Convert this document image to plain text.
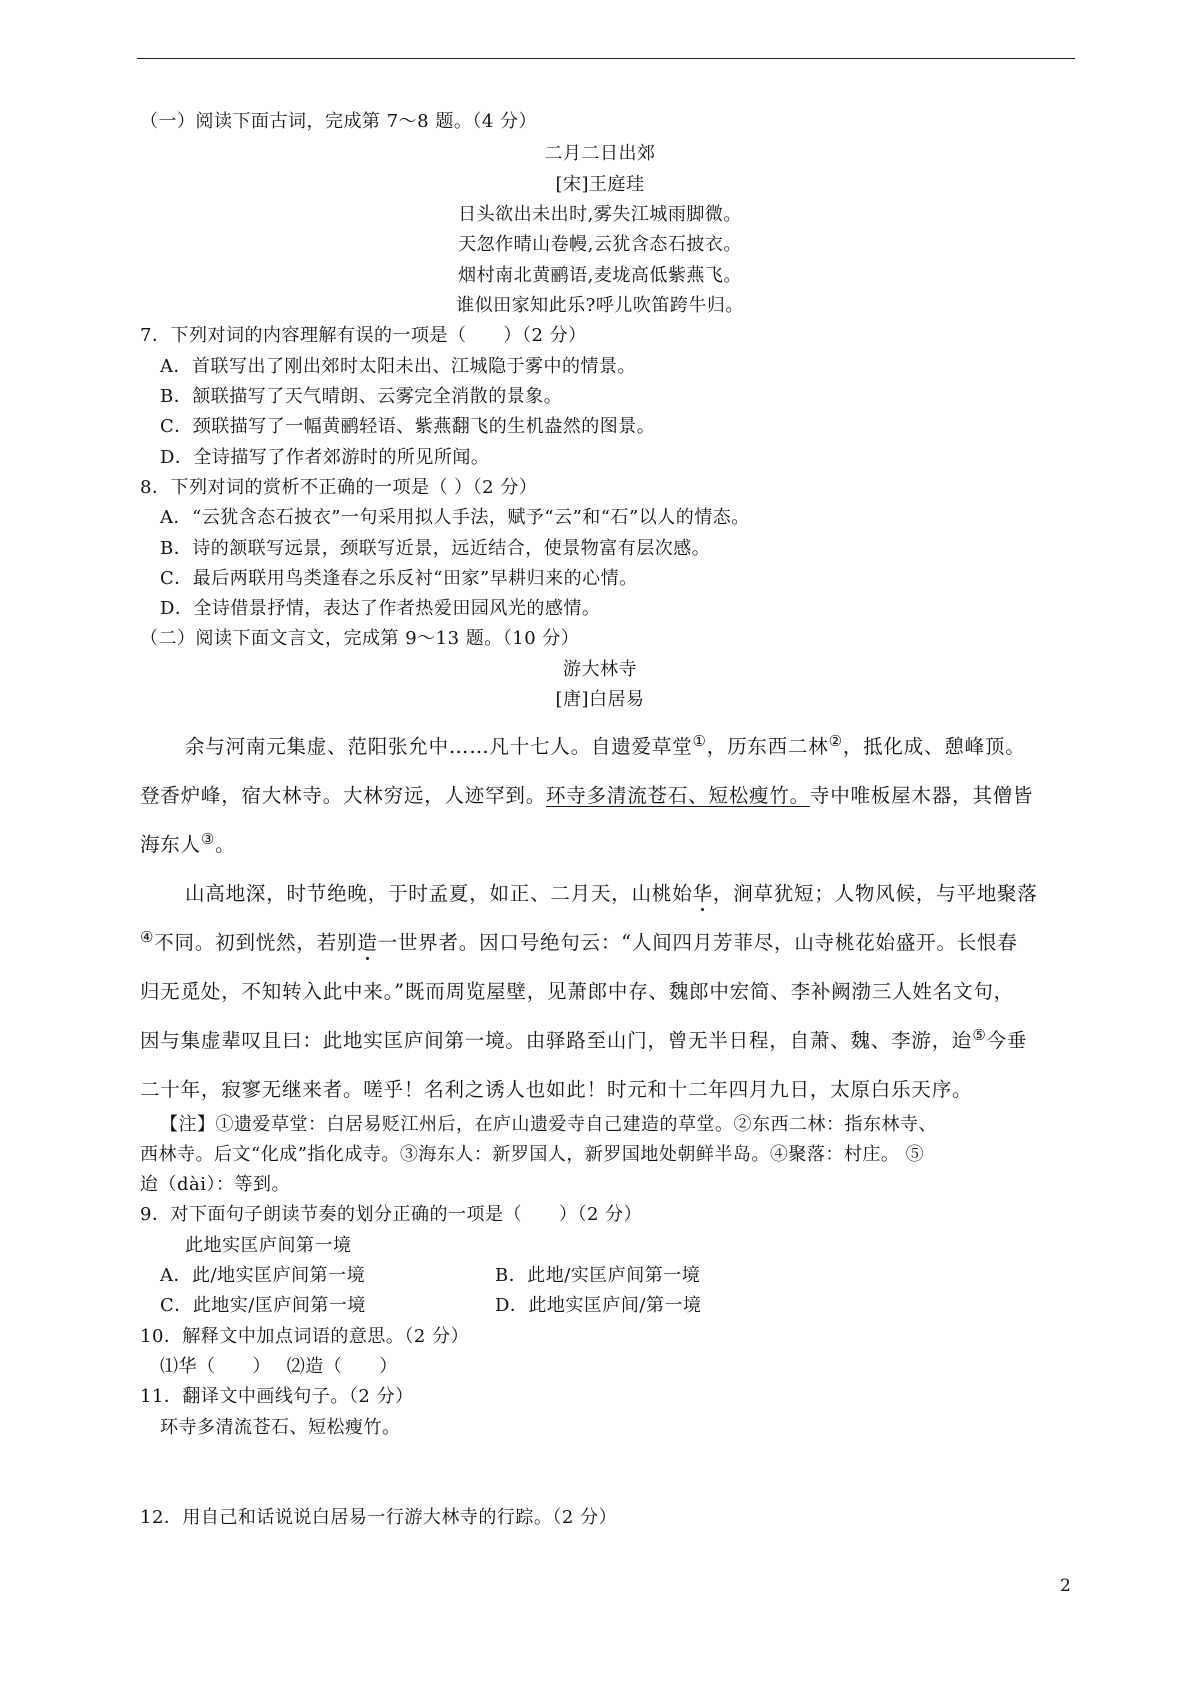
（一）阅读下面古词，完成第 7～8 题。（4 分）
二月二日出郊
[宋]王庭珪
日头欲出未出时,雾失江城雨脚微。
天忽作晴山卷幔,云犹含态石披衣。
烟村南北黄鹂语,麦垅高低紫燕飞。
谁似田家知此乐?呼儿吹笛跨牛归。
7．下列对词的内容理解有误的一项是（　　）（2 分）
A．首联写出了刚出郊时太阳未出、江城隐于雾中的情景。
B．颔联描写了天气晴朗、云雾完全消散的景象。
C．颈联描写了一幅黄鹂轻语、紫燕翻飞的生机盎然的图景。
D．全诗描写了作者郊游时的所见所闻。
8．下列对词的赏析不正确的一项是（ ）（2 分）
A．“云犹含态石披衣”一句采用拟人手法，赋予“云”和“石”以人的情态。
B．诗的颔联写远景，颈联写近景，远近结合，使景物富有层次感。
C．最后两联用鸟类逢春之乐反衬“田家”早耕归来的心情。
D．全诗借景抒情，表达了作者热爱田园风光的感情。
（二）阅读下面文言文，完成第 9～13 题。（10 分）
游大林寺
[唐]白居易
余与河南元集虚、范阳张允中……凡十七人。自遗爱草堂①，历东西二林②，抵化成、憩峰顶。
登香炉峰，宿大林寺。大林穷远，人迹罕到。环寺多清流苍石、短松瘦竹。寺中唯板屋木器，其僧皆
海东人③。
山高地深，时节绝晚，于时孟夏，如正、二月天，山桃始华，涧草犹短；人物风候，与平地聚落
④不同。初到恍然，若别造一世界者。因口号绝句云：“人间四月芳菲尽，山寺桃花始盛开。长恨春
归无觅处，不知转入此中来。”既而周览屋壁，见萧郎中存、魏郎中宏简、李补阙渤三人姓名文句，
因与集虚辈叹且曰：此地实匡庐间第一境。由驿路至山门，曾无半日程，自萧、魏、李游，迨⑤今垂
二十年，寂寥无继来者。嗟乎！名利之诱人也如此！时元和十二年四月九日，太原白乐天序。
【注】①遗爱草堂：白居易贬江州后，在庐山遗爱寺自己建造的草堂。②东西二林：指东林寺、
西林寺。后文“化成”指化成寺。③海东人：新罗国人，新罗国地处朝鲜半岛。④聚落：村庄。 ⑤
迨（dài）：等到。
9．对下面句子朗读节奏的划分正确的一项是（　　）（2 分）
此地实匡庐间第一境
A．此/地实匡庐间第一境	B．此地/实匡庐间第一境
C．此地实/匡庐间第一境	D．此地实匡庐间/第一境
10．解释文中加点词语的意思。（2 分）
⑴华（　　）　 ⑵造（　　）
11．翻译文中画线句子。（2 分）
环寺多清流苍石、短松瘦竹。
12．用自己和话说说白居易一行游大林寺的行踪。（2 分）
2
